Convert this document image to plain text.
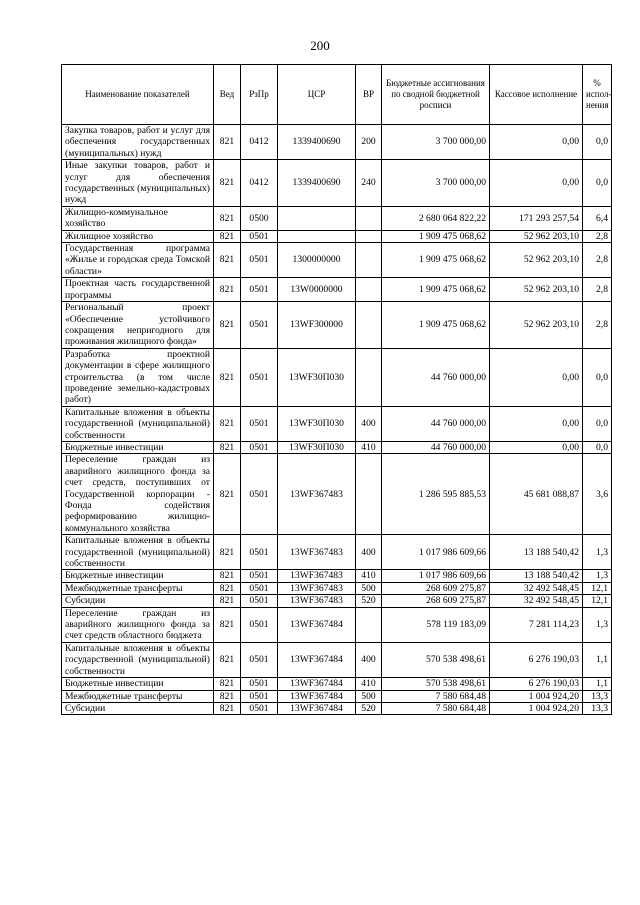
200
Наименование показателей	Вед	РзПр	ЦСР	ВР	Бюджетные ассигнования по сводной бюджетной росписи	Кассовое исполнение	% испол-нения
Закупка товаров, работ и услуг для обеспечения государственных (муниципальных) нужд	821	0412	1339400690	200	3 700 000,00	0,00	0,0
Иные закупки товаров, работ и услуг для обеспечения государственных (муниципальных) нужд	821	0412	1339400690	240	3 700 000,00	0,00	0,0
Жилищно-коммунальное хозяйство	821	0500			2 680 064 822,22	171 293 257,54	6,4
Жилищное хозяйство	821	0501			1 909 475 068,62	52 962 203,10	2,8
Государственная программа «Жилье и городская среда Томской области»	821	0501	1300000000		1 909 475 068,62	52 962 203,10	2,8
Проектная часть государственной программы	821	0501	13W0000000		1 909 475 068,62	52 962 203,10	2,8
Региональный проект «Обеспечение устойчивого сокращения непригодного для проживания жилищного фонда»	821	0501	13WF300000		1 909 475 068,62	52 962 203,10	2,8
Разработка проектной документации в сфере жилищного строительства (в том числе проведение земельно-кадастровых работ)	821	0501	13WF30П030		44 760 000,00	0,00	0,0
Капитальные вложения в объекты государственной (муниципальной) собственности	821	0501	13WF30П030	400	44 760 000,00	0,00	0,0
Бюджетные инвестиции	821	0501	13WF30П030	410	44 760 000,00	0,00	0,0
Переселение граждан из аварийного жилищного фонда за счет средств, поступивших от Государственной корпорации - Фонда содействия реформированию жилищно-коммунального хозяйства	821	0501	13WF367483		1 286 595 885,53	45 681 088,87	3,6
Капитальные вложения в объекты государственной (муниципальной) собственности	821	0501	13WF367483	400	1 017 986 609,66	13 188 540,42	1,3
Бюджетные инвестиции	821	0501	13WF367483	410	1 017 986 609,66	13 188 540,42	1,3
Межбюджетные трансферты	821	0501	13WF367483	500	268 609 275,87	32 492 548,45	12,1
Субсидии	821	0501	13WF367483	520	268 609 275,87	32 492 548,45	12,1
Переселение граждан из аварийного жилищного фонда за счет средств областного бюджета	821	0501	13WF367484		578 119 183,09	7 281 114,23	1,3
Капитальные вложения в объекты государственной (муниципальной) собственности	821	0501	13WF367484	400	570 538 498,61	6 276 190,03	1,1
Бюджетные инвестиции	821	0501	13WF367484	410	570 538 498,61	6 276 190,03	1,1
Межбюджетные трансферты	821	0501	13WF367484	500	7 580 684,48	1 004 924,20	13,3
Субсидии	821	0501	13WF367484	520	7 580 684,48	1 004 924,20	13,3
